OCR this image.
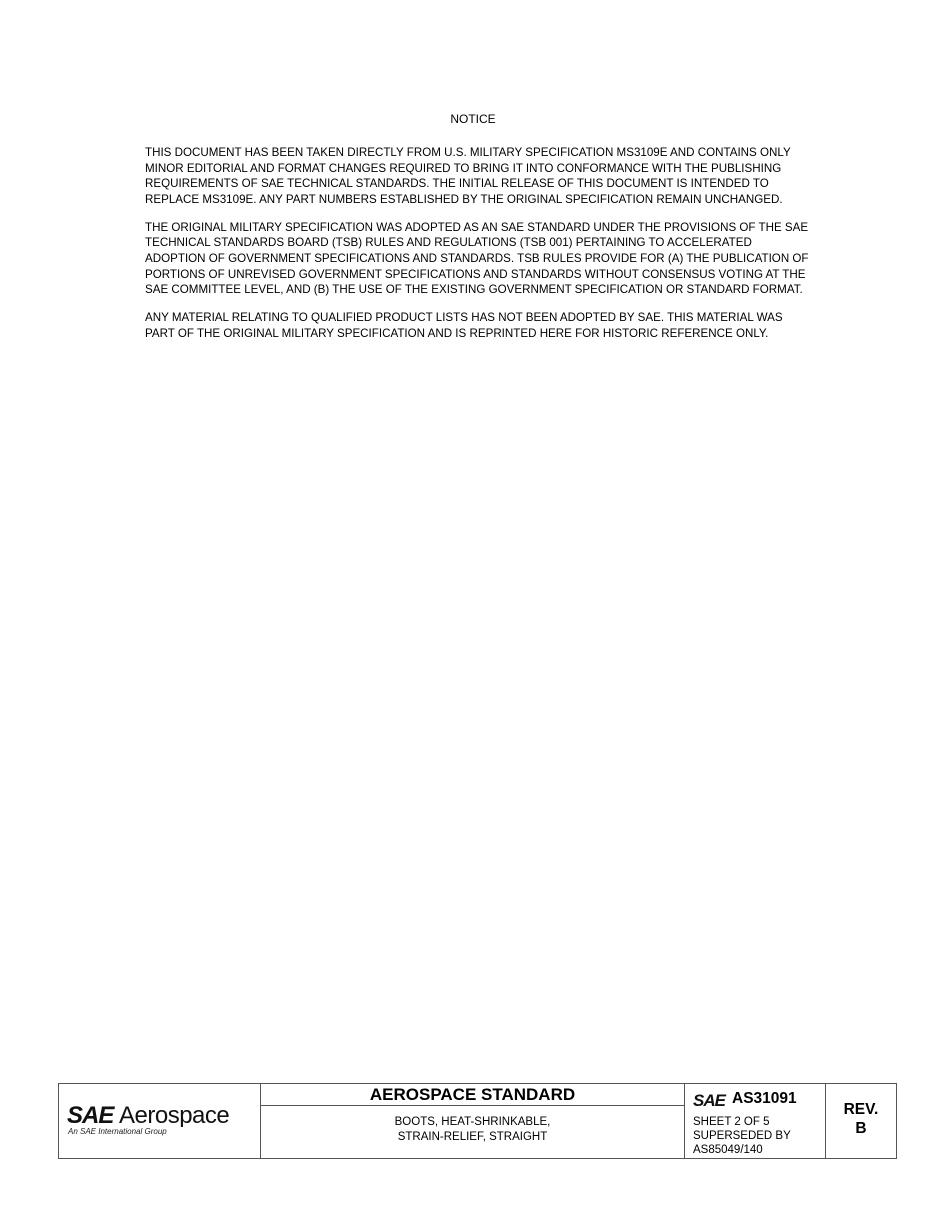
NOTICE

THIS DOCUMENT HAS BEEN TAKEN DIRECTLY FROM U.S. MILITARY SPECIFICATION MS3109E AND CONTAINS ONLY MINOR EDITORIAL AND FORMAT CHANGES REQUIRED TO BRING IT INTO CONFORMANCE WITH THE PUBLISHING REQUIREMENTS OF SAE TECHNICAL STANDARDS. THE INITIAL RELEASE OF THIS DOCUMENT IS INTENDED TO REPLACE MS3109E. ANY PART NUMBERS ESTABLISHED BY THE ORIGINAL SPECIFICATION REMAIN UNCHANGED.

THE ORIGINAL MILITARY SPECIFICATION WAS ADOPTED AS AN SAE STANDARD UNDER THE PROVISIONS OF THE SAE TECHNICAL STANDARDS BOARD (TSB) RULES AND REGULATIONS (TSB 001) PERTAINING TO ACCELERATED ADOPTION OF GOVERNMENT SPECIFICATIONS AND STANDARDS. TSB RULES PROVIDE FOR (A) THE PUBLICATION OF PORTIONS OF UNREVISED GOVERNMENT SPECIFICATIONS AND STANDARDS WITHOUT CONSENSUS VOTING AT THE SAE COMMITTEE LEVEL, AND (B) THE USE OF THE EXISTING GOVERNMENT SPECIFICATION OR STANDARD FORMAT.

ANY MATERIAL RELATING TO QUALIFIED PRODUCT LISTS HAS NOT BEEN ADOPTED BY SAE. THIS MATERIAL WAS PART OF THE ORIGINAL MILITARY SPECIFICATION AND IS REPRINTED HERE FOR HISTORIC REFERENCE ONLY.

SAE Aerospace
An SAE International Group
AEROSPACE STANDARD
BOOTS, HEAT-SHRINKABLE,
STRAIN-RELIEF, STRAIGHT
SAE AS31091
SHEET 2 OF 5
SUPERSEDED BY
AS85049/140
REV.
B
